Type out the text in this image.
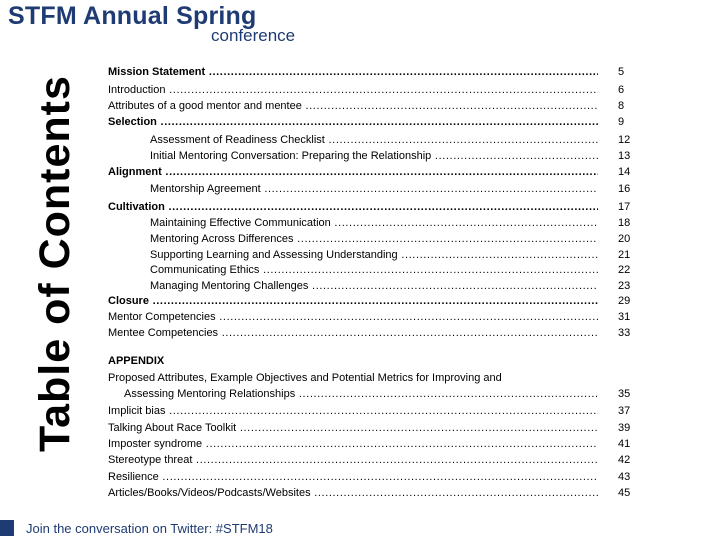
STFM Annual Spring
conference
Table of Contents
Mission Statement .....	5
Introduction .....	6
Attributes of a good mentor and mentee .....	8
Selection .....	9
Assessment of Readiness Checklist .....	12
Initial Mentoring Conversation: Preparing the Relationship .....	13
Alignment .....	14
Mentorship Agreement .....	16
Cultivation .....	17
Maintaining Effective Communication .....	18
Mentoring Across Differences .....	20
Supporting Learning and Assessing Understanding .....	21
Communicating Ethics .....	22
Managing Mentoring Challenges .....	23
Closure .....	29
Mentor Competencies .....	31
Mentee Competencies .....	33
APPENDIX
Proposed Attributes, Example Objectives and Potential Metrics for Improving and
Assessing Mentoring Relationships .....	35
Implicit bias .....	37
Talking About Race Toolkit .....	39
Imposter syndrome .....	41
Stereotype threat .....	42
Resilience .....	43
Articles/Books/Videos/Podcasts/Websites .....	45
Join the conversation on Twitter: #STFM18
